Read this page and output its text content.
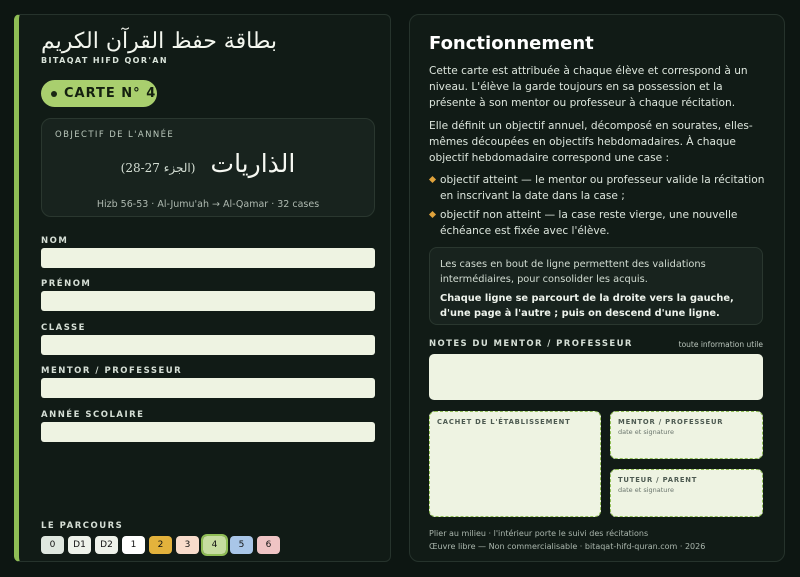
بطاقة حفظ القرآن الكريم
BITAQAT HIFD QOR'AN
CARTE N° 4
OBJECTIF DE L'ANNÉE
الذاريات (الجزء 27-28)
Hizb 56-53 · Al-Jumu'ah → Al-Qamar · 32 cases
NOM
PRÉNOM
CLASSE
MENTOR / PROFESSEUR
ANNÉE SCOLAIRE
LE PARCOURS
0	D1	D2	1	2	3	4	5	6
Fonctionnement
Cette carte est attribuée à chaque élève et correspond à un niveau. L'élève la garde toujours en sa possession et la présente à son mentor ou professeur à chaque récitation.
Elle définit un objectif annuel, décomposé en sourates, elles-mêmes découpées en objectifs hebdomadaires. À chaque objectif hebdomadaire correspond une case :
objectif atteint — le mentor ou professeur valide la récitation en inscrivant la date dans la case ;
objectif non atteint — la case reste vierge, une nouvelle échéance est fixée avec l'élève.
Les cases en bout de ligne permettent des validations intermédiaires, pour consolider les acquis.
Chaque ligne se parcourt de la droite vers la gauche, d'une page à l'autre ; puis on descend d'une ligne.
NOTES DU MENTOR / PROFESSEUR	toute information utile
CACHET DE L'ÉTABLISSEMENT	MENTOR / PROFESSEUR
date et signature
TUTEUR / PARENT
date et signature
Plier au milieu · l'intérieur porte le suivi des récitations
Œuvre libre — Non commercialisable · bitaqat-hifd-quran.com · 2026
